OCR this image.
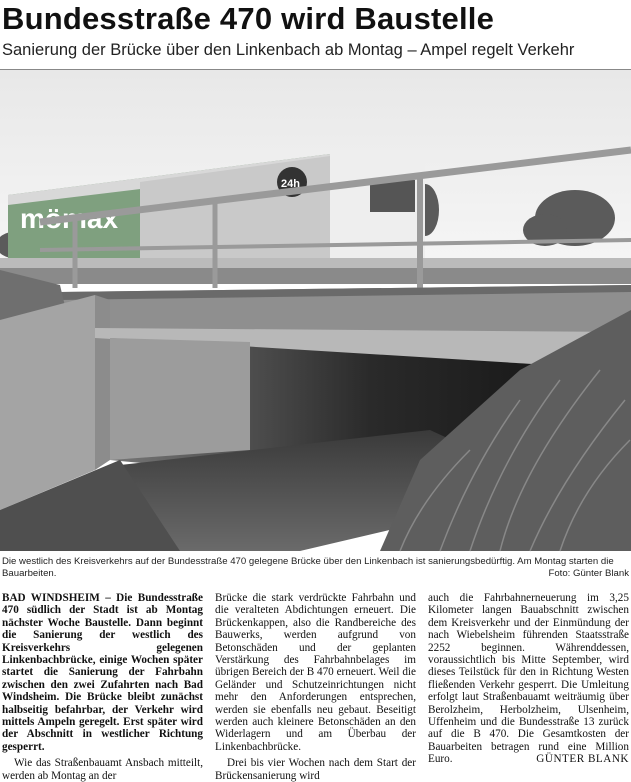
Bundesstraße 470 wird Baustelle
Sanierung der Brücke über den Linkenbach ab Montag – Ampel regelt Verkehr
mömax
24h
Die westlich des Kreisverkehrs auf der Bundesstraße 470 gelegene Brücke über den Linkenbach ist sanierungsbedürftig. Am Montag starten die Bauarbeiten.	Foto: Günter Blank

BAD WINDSHEIM – Die Bundesstraße 470 südlich der Stadt ist ab Montag nächster Woche Baustelle. Dann beginnt die Sanierung der westlich des Kreisverkehrs gelegenen Linkenbachbrücke, einige Wochen später startet die Sanierung der Fahrbahn zwischen den zwei Zufahrten nach Bad Windsheim. Die Brücke bleibt zunächst halbseitig befahrbar, der Verkehr wird mittels Ampeln geregelt. Erst später wird der Abschnitt in westlicher Richtung gesperrt.

Wie das Straßenbauamt Ansbach mitteilt, werden ab Montag an der

Brücke die stark verdrückte Fahrbahn und die veralteten Abdichtungen erneuert. Die Brückenkappen, also die Randbereiche des Bauwerks, werden aufgrund von Betonschäden und der geplanten Verstärkung des Fahrbahnbelages im übrigen Bereich der B 470 erneuert. Weil die Geländer und Schutzeinrichtungen nicht mehr den Anforderungen entsprechen, werden sie ebenfalls neu gebaut. Beseitigt werden auch kleinere Betonschäden an den Widerlagern und am Überbau der Linkenbachbrücke.

Drei bis vier Wochen nach dem Start der Brückensanierung wird

auch die Fahrbahnerneuerung im 3,25 Kilometer langen Bauabschnitt zwischen dem Kreisverkehr und der Einmündung der nach Wiebelsheim führenden Staatsstraße 2252 beginnen. Währenddessen, voraussichtlich bis Mitte September, wird dieses Teilstück für den in Richtung Westen fließenden Verkehr gesperrt. Die Umleitung erfolgt laut Straßenbauamt weiträumig über Berolzheim, Herbolzheim, Ulsenheim, Uffenheim und die Bundesstraße 13 zurück auf die B 470. Die Gesamtkosten der Bauarbeiten betragen rund eine Million Euro.	GÜNTER BLANK
